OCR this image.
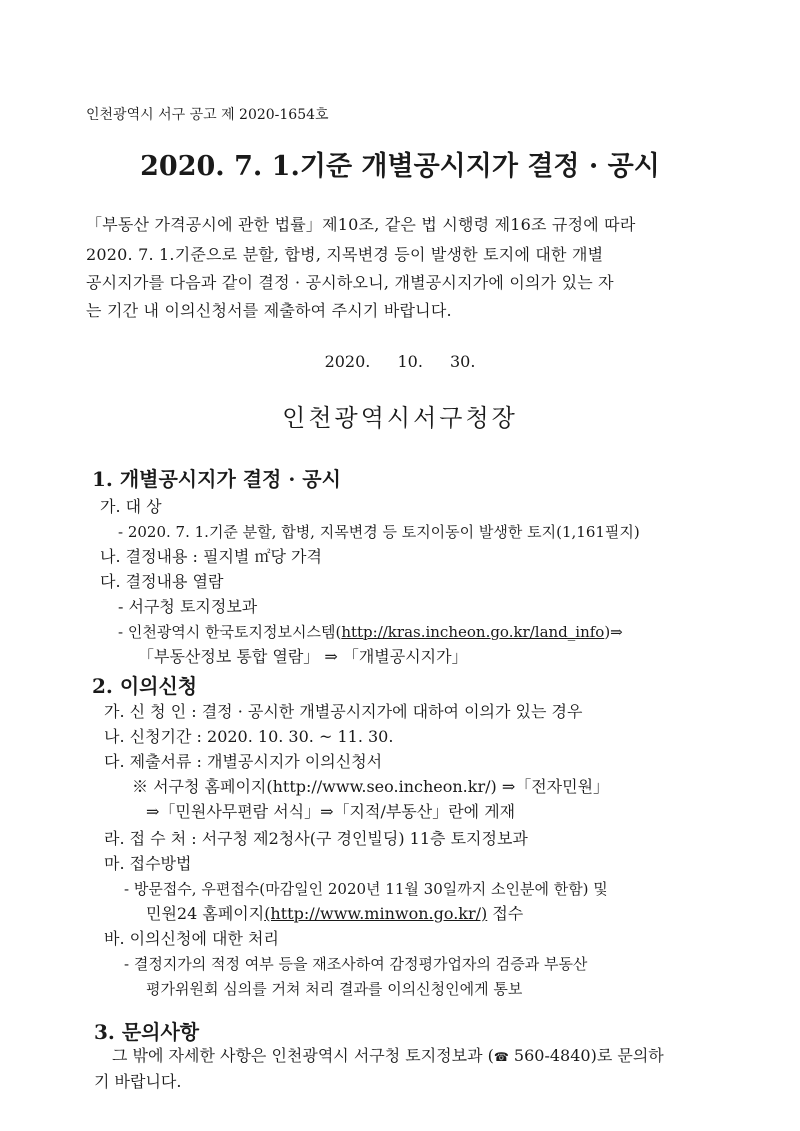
인천광역시 서구 공고 제 2020-1654호
2020. 7. 1.기준 개별공시지가 결정 · 공시
「부동산 가격공시에 관한 법률」제10조, 같은 법 시행령 제16조 규정에 따라
2020. 7. 1.기준으로 분할, 합병, 지목변경 등이 발생한 토지에 대한 개별
공시지가를 다음과 같이 결정 · 공시하오니, 개별공시지가에 이의가 있는 자
는 기간 내 이의신청서를 제출하여 주시기 바랍니다.
2020. 10. 30.
인천광역시서구청장
1. 개별공시지가 결정 · 공시
가. 대 상
- 2020. 7. 1.기준 분할, 합병, 지목변경 등 토지이동이 발생한 토지(1,161필지)
나. 결정내용 : 필지별 ㎡당 가격
다. 결정내용 열람
- 서구청 토지정보과
- 인천광역시 한국토지정보시스템(http://kras.incheon.go.kr/land_info)⇒
「부동산정보 통합 열람」 ⇒ 「개별공시지가」
2. 이의신청
가. 신 청 인 : 결정 · 공시한 개별공시지가에 대하여 이의가 있는 경우
나. 신청기간 : 2020. 10. 30. ~ 11. 30.
다. 제출서류 : 개별공시지가 이의신청서
※ 서구청 홈페이지(http://www.seo.incheon.kr/) ⇒「전자민원」
⇒「민원사무편람 서식」⇒「지적/부동산」란에 게재
라. 접 수 처 : 서구청 제2청사(구 경인빌딩) 11층 토지정보과
마. 접수방법
- 방문접수, 우편접수(마감일인 2020년 11월 30일까지 소인분에 한함) 및
민원24 홈페이지(http://www.minwon.go.kr/) 접수
바. 이의신청에 대한 처리
- 결정지가의 적정 여부 등을 재조사하여 감정평가업자의 검증과 부동산
평가위원회 심의를 거쳐 처리 결과를 이의신청인에게 통보
3. 문의사항
그 밖에 자세한 사항은 인천광역시 서구청 토지정보과 (☎ 560-4840)로 문의하
기 바랍니다.
